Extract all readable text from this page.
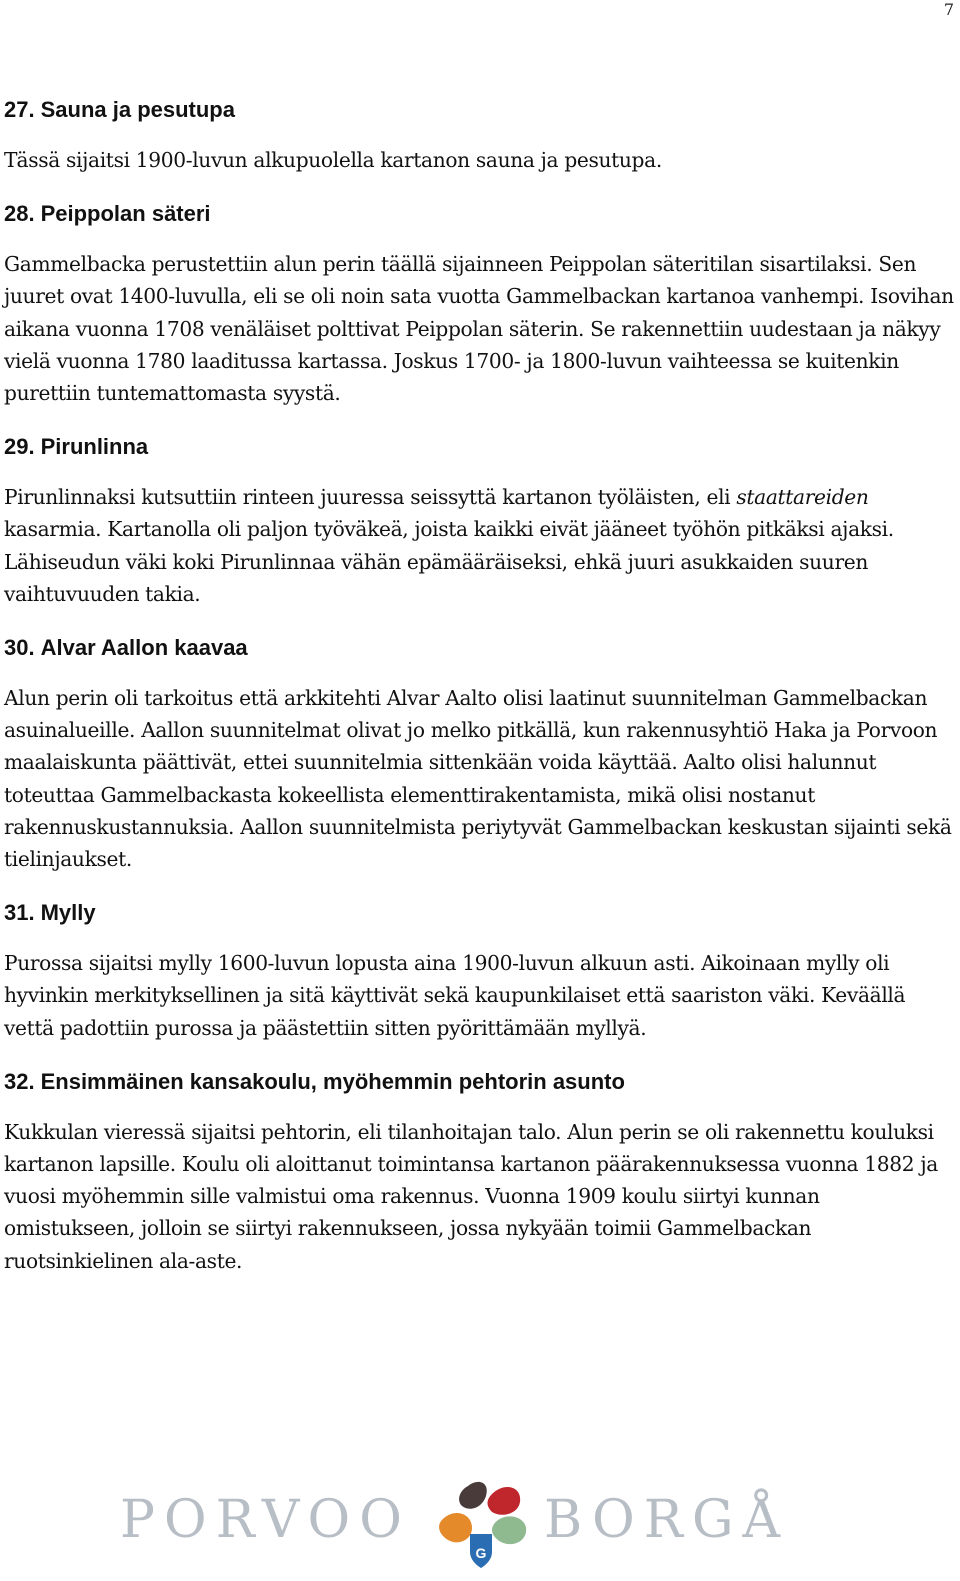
7
27. Sauna ja pesutupa

Tässä sijaitsi 1900-luvun alkupuolella kartanon sauna ja pesutupa.

28. Peippolan säteri

Gammelbacka perustettiin alun perin täällä sijainneen Peippolan säteritilan sisartilaksi. Sen juuret ovat 1400-luvulla, eli se oli noin sata vuotta Gammelbackan kartanoa vanhempi. Isovihan aikana vuonna 1708 venäläiset polttivat Peippolan säterin. Se rakennettiin uudestaan ja näkyy vielä vuonna 1780 laaditussa kartassa. Joskus 1700- ja 1800-luvun vaihteessa se kuitenkin purettiin tuntemattomasta syystä.

29. Pirunlinna

Pirunlinnaksi kutsuttiin rinteen juuressa seissyttä kartanon työläisten, eli staattareiden kasarmia. Kartanolla oli paljon työväkeä, joista kaikki eivät jääneet työhön pitkäksi ajaksi. Lähiseudun väki koki Pirunlinnaa vähän epämääräiseksi, ehkä juuri asukkaiden suuren vaihtuvuuden takia.

30. Alvar Aallon kaavaa

Alun perin oli tarkoitus että arkkitehti Alvar Aalto olisi laatinut suunnitelman Gammelbackan asuinalueille. Aallon suunnitelmat olivat jo melko pitkällä, kun rakennusyhtiö Haka ja Porvoon maalaiskunta päättivät, ettei suunnitelmia sittenkään voida käyttää. Aalto olisi halunnut toteuttaa Gammelbackasta kokeellista elementtirakentamista, mikä olisi nostanut rakennuskustannuksia. Aallon suunnitelmista periytyvät Gammelbackan keskustan sijainti sekä tielinjaukset.

31. Mylly

Purossa sijaitsi mylly 1600-luvun lopusta aina 1900-luvun alkuun asti. Aikoinaan mylly oli hyvinkin merkityksellinen ja sitä käyttivät sekä kaupunkilaiset että saariston väki. Keväällä vettä padottiin purossa ja päästettiin sitten pyörittämään myllyä.

32. Ensimmäinen kansakoulu, myöhemmin pehtorin asunto

Kukkulan vieressä sijaitsi pehtorin, eli tilanhoitajan talo. Alun perin se oli rakennettu kouluksi kartanon lapsille. Koulu oli aloittanut toimintansa kartanon päärakennuksessa vuonna 1882 ja vuosi myöhemmin sille valmistui oma rakennus. Vuonna 1909 koulu siirtyi kunnan omistukseen, jolloin se siirtyi rakennukseen, jossa nykyään toimii Gammelbackan ruotsinkielinen ala-aste.

PORVOO
G
BORGÅ
